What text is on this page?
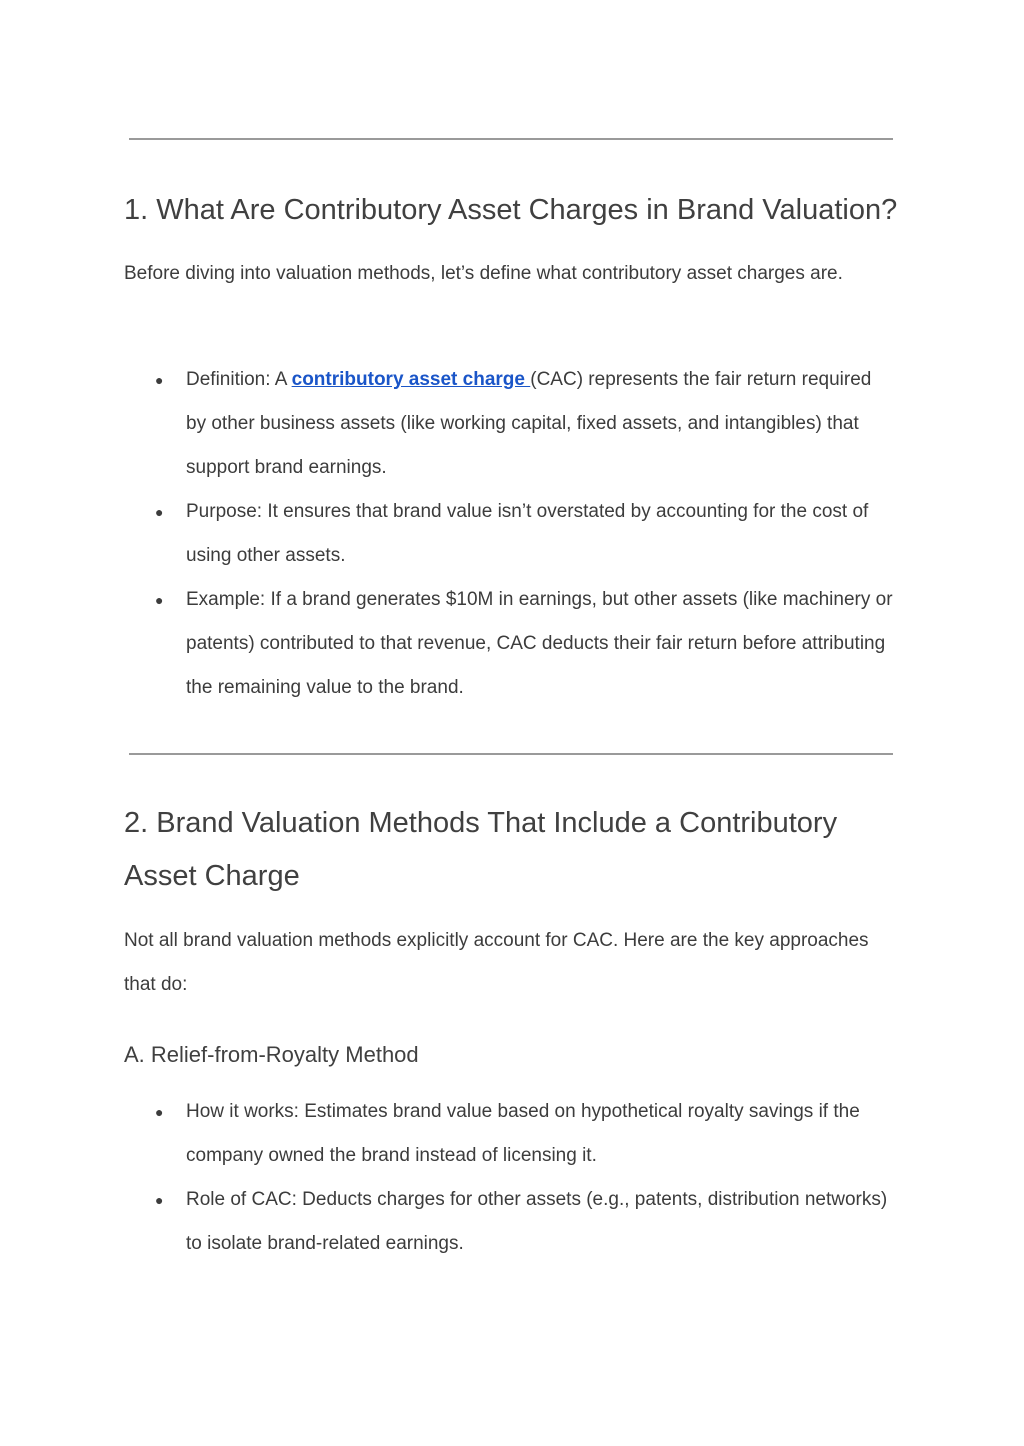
1. What Are Contributory Asset Charges in Brand Valuation?

Before diving into valuation methods, let’s define what contributory asset charges are.

● Definition: A contributory asset charge (CAC) represents the fair return required by other business assets (like working capital, fixed assets, and intangibles) that support brand earnings.
● Purpose: It ensures that brand value isn’t overstated by accounting for the cost of using other assets.
● Example: If a brand generates $10M in earnings, but other assets (like machinery or patents) contributed to that revenue, CAC deducts their fair return before attributing the remaining value to the brand.
2. Brand Valuation Methods That Include a Contributory Asset Charge

Not all brand valuation methods explicitly account for CAC. Here are the key approaches that do:

A. Relief-from-Royalty Method
● How it works: Estimates brand value based on hypothetical royalty savings if the company owned the brand instead of licensing it.
● Role of CAC: Deducts charges for other assets (e.g., patents, distribution networks) to isolate brand-related earnings.
